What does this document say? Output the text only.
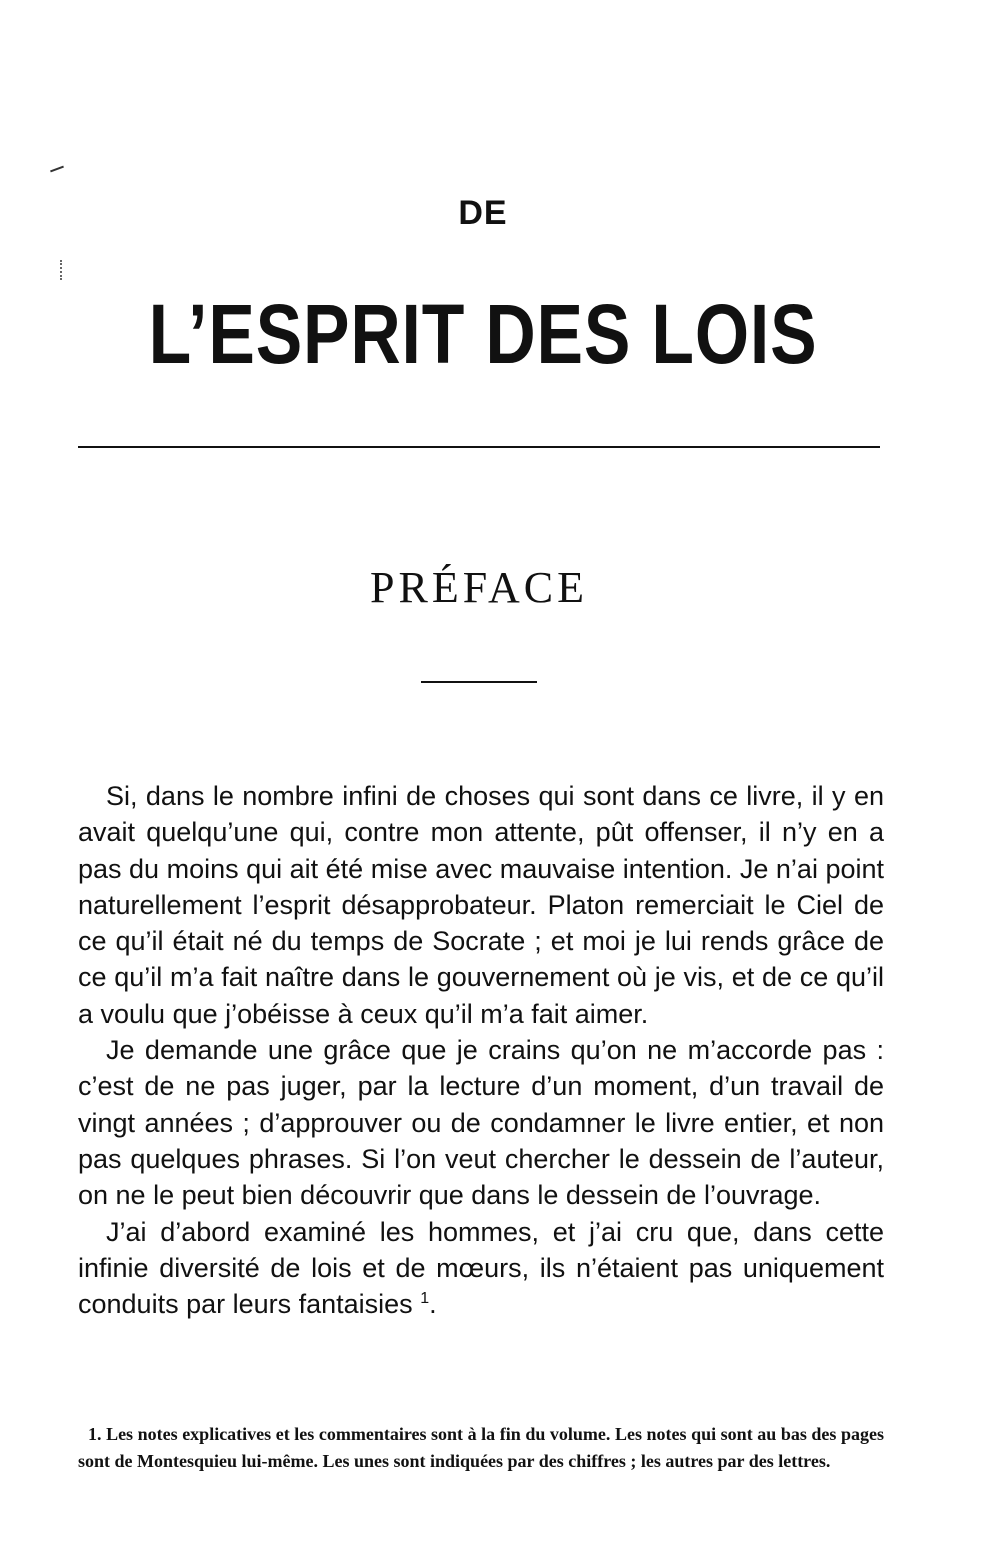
DE
L’ESPRIT DES LOIS
PRÉFACE

Si, dans le nombre infini de choses qui sont dans ce livre, il y en avait quelqu’une qui, contre mon attente, pût offenser, il n’y en a pas du moins qui ait été mise avec mauvaise intention. Je n’ai point naturellement l’esprit désapprobateur. Platon remerciait le Ciel de ce qu’il était né du temps de Socrate ; et moi je lui rends grâce de ce qu’il m’a fait naître dans le gouvernement où je vis, et de ce qu’il a voulu que j’obéisse à ceux qu’il m’a fait aimer.

Je demande une grâce que je crains qu’on ne m’accorde pas : c’est de ne pas juger, par la lecture d’un moment, d’un travail de vingt années ; d’approuver ou de condamner le livre entier, et non pas quelques phrases. Si l’on veut chercher le dessein de l’auteur, on ne le peut bien découvrir que dans le dessein de l’ouvrage.

J’ai d’abord examiné les hommes, et j’ai cru que, dans cette infinie diversité de lois et de mœurs, ils n’étaient pas uniquement conduits par leurs fantaisies $^1$.

1. Les notes explicatives et les commentaires sont à la fin du volume. Les notes qui sont au bas des pages sont de Montesquieu lui-même. Les unes sont indiquées par des chiffres ; les autres par des lettres.
